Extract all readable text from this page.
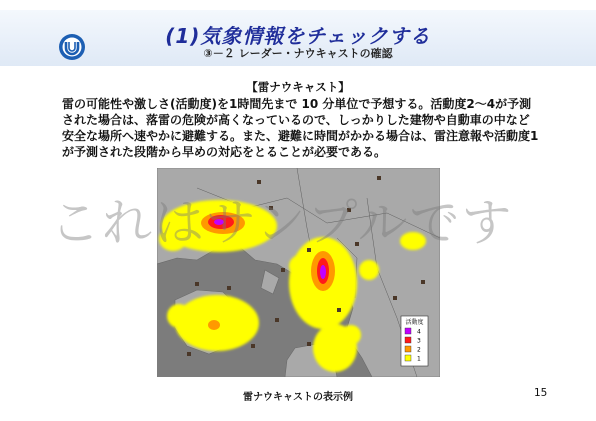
(1)気象情報をチェックする
③－２ レーダー・ナウキャストの確認
【雷ナウキャスト】
雷の可能性や激しさ(活動度)を1時間先まで 10 分単位で予想する。活動度2～4が予測された場合は、落雷の危険が高くなっているので、しっかりした建物や自動車の中など安全な場所へ速やかに避難する。また、避難に時間がかかる場合は、雷注意報や活動度1が予測された段階から早めの対応をとることが必要である。
活動度
4
3
2
1
これはサンプルです
雷ナウキャストの表示例	15
